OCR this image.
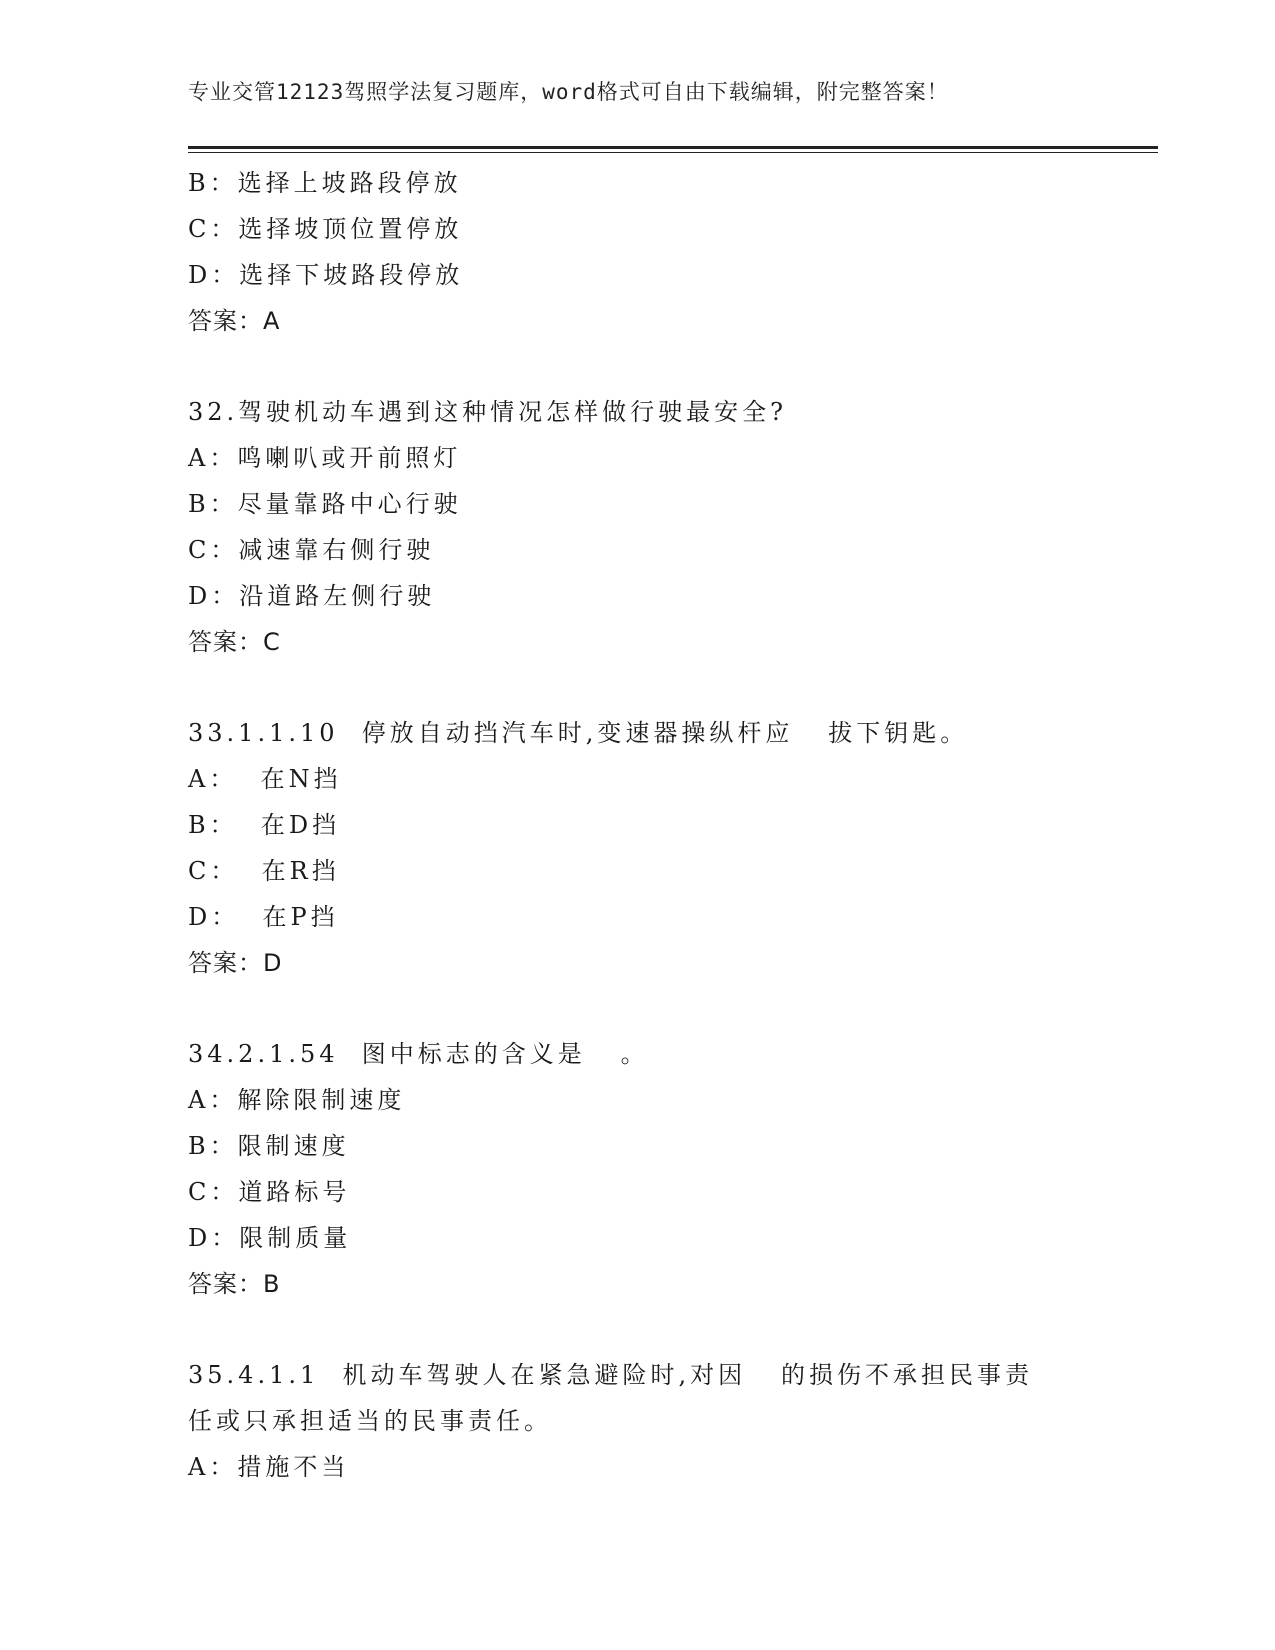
专业交管12123驾照学法复习题库，word格式可自由下载编辑，附完整答案！
B：选择上坡路段停放
C：选择坡顶位置停放
D：选择下坡路段停放
答案：A
32.驾驶机动车遇到这种情况怎样做行驶最安全?
A：鸣喇叭或开前照灯
B：尽量靠路中心行驶
C：减速靠右侧行驶
D：沿道路左侧行驶
答案：C
33.1.1.10  停放自动挡汽车时,变速器操纵杆应   拔下钥匙。
A：  在N挡
B：  在D挡
C：  在R挡
D：  在P挡
答案：D
34.2.1.54  图中标志的含义是   。
A：解除限制速度
B：限制速度
C：道路标号
D：限制质量
答案：B
35.4.1.1  机动车驾驶人在紧急避险时,对因   的损伤不承担民事责
任或只承担适当的民事责任。
A：措施不当
